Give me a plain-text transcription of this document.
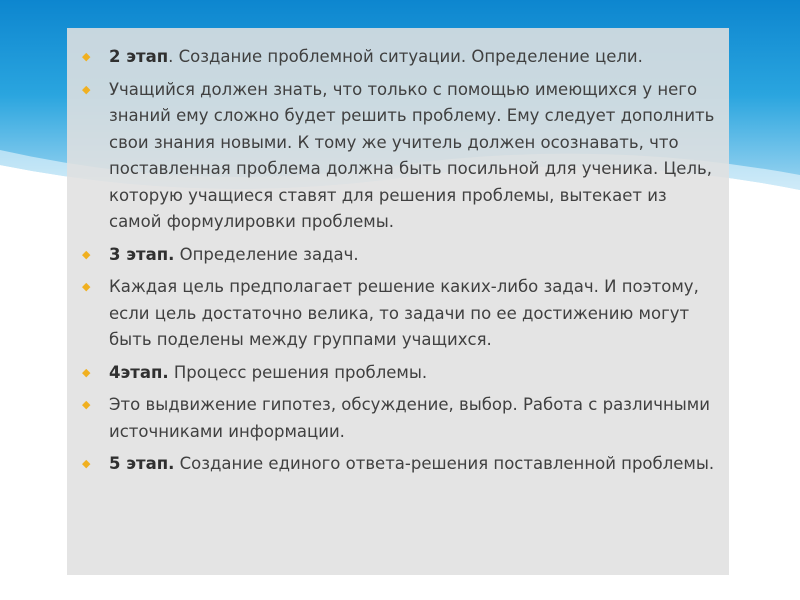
◆ 2 этап. Создание проблемной ситуации. Определение цели.
◆ Учащийся должен знать, что только с помощью имеющихся у него знаний ему сложно будет решить проблему. Ему следует дополнить свои знания новыми. К тому же учитель должен осознавать, что поставленная проблема должна быть посильной для ученика. Цель, которую учащиеся ставят для решения проблемы, вытекает из самой формулировки проблемы.
◆ 3 этап. Определение задач.
◆ Каждая цель предполагает решение каких-либо задач. И поэтому, если цель достаточно велика, то задачи по ее достижению могут быть поделены между группами учащихся.
◆ 4этап. Процесс решения проблемы.
◆ Это выдвижение гипотез, обсуждение, выбор. Работа с различными источниками информации.
◆ 5 этап. Создание единого ответа-решения поставленной проблемы.
